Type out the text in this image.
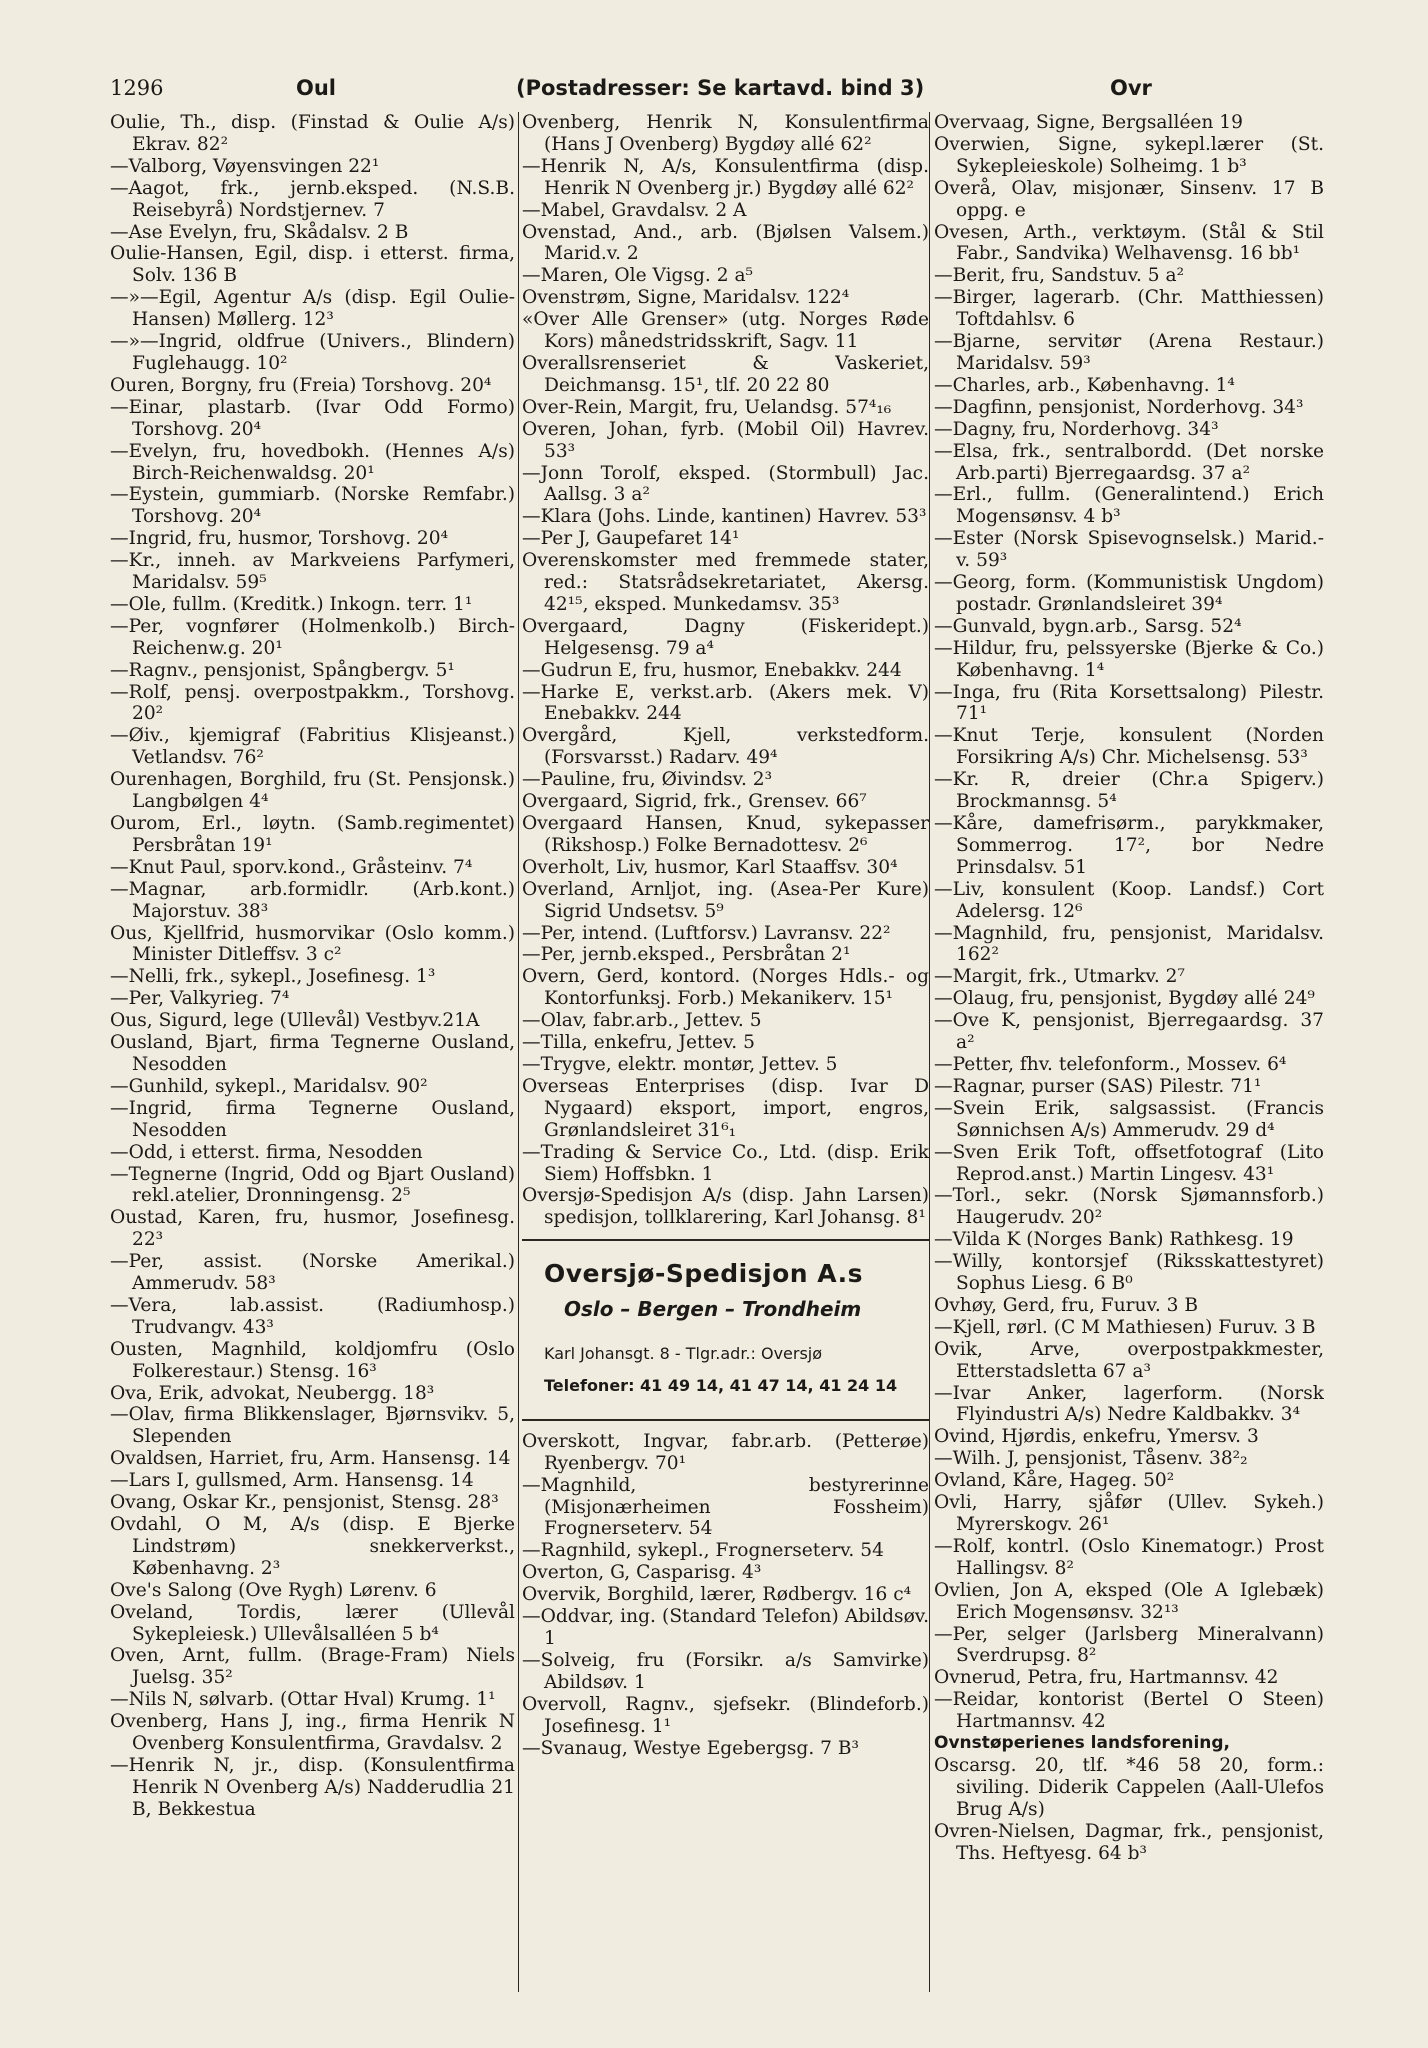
1296	Oul	(Postadresser: Se kartavd. bind 3)	Ovr
Oulie, Th., disp. (Finstad & Oulie A/s) Ekrav. 82²
—Valborg, Vøyensvingen 22¹
—Aagot, frk., jernb.eksped. (N.S.B. Reisebyrå) Nordstjernev. 7
—Ase Evelyn, fru, Skådalsv. 2 B
Oulie-Hansen, Egil, disp. i etterst. firma, Solv. 136 B
—»—Egil, Agentur A/s (disp. Egil Oulie-Hansen) Møllerg. 12³
—»—Ingrid, oldfrue (Univers., Blindern) Fuglehaugg. 10²
Ouren, Borgny, fru (Freia) Torshovg. 20⁴
—Einar, plastarb. (Ivar Odd Formo) Torshovg. 20⁴
—Evelyn, fru, hovedbokh. (Hennes A/s) Birch-Reichenwaldsg. 20¹
—Eystein, gummiarb. (Norske Remfabr.) Torshovg. 20⁴
—Ingrid, fru, husmor, Torshovg. 20⁴
—Kr., inneh. av Markveiens Parfymeri, Maridalsv. 59⁵
—Ole, fullm. (Kreditk.) Inkogn. terr. 1¹
—Per, vognfører (Holmenkolb.) Birch-Reichenw.g. 20¹
—Ragnv., pensjonist, Spångbergv. 5¹
—Rolf, pensj. overpostpakkm., Torshovg. 20²
—Øiv., kjemigraf (Fabritius Klisjeanst.) Vetlandsv. 76²
Ourenhagen, Borghild, fru (St. Pensjonsk.) Langbølgen 4⁴
Ourom, Erl., løytn. (Samb.regimentet) Persbråtan 19¹
—Knut Paul, sporv.kond., Gråsteinv. 7⁴
—Magnar, arb.formidlr. (Arb.kont.) Majorstuv. 38³
Ous, Kjellfrid, husmorvikar (Oslo komm.) Minister Ditleffsv. 3 c²
—Nelli, frk., sykepl., Josefinesg. 1³
—Per, Valkyrieg. 7⁴
Ous, Sigurd, lege (Ullevål) Vestbyv.21A
Ousland, Bjart, firma Tegnerne Ousland, Nesodden
—Gunhild, sykepl., Maridalsv. 90²
—Ingrid, firma Tegnerne Ousland, Nesodden
—Odd, i etterst. firma, Nesodden
—Tegnerne (Ingrid, Odd og Bjart Ousland) rekl.atelier, Dronningensg. 2⁵
Oustad, Karen, fru, husmor, Josefinesg. 22³
—Per, assist. (Norske Amerikal.) Ammerudv. 58³
—Vera, lab.assist. (Radiumhosp.) Trudvangv. 43³
Ousten, Magnhild, koldjomfru (Oslo Folkerestaur.) Stensg. 16³
Ova, Erik, advokat, Neubergg. 18³
—Olav, firma Blikkenslager, Bjørnsvikv. 5, Slependen
Ovaldsen, Harriet, fru, Arm. Hansensg. 14
—Lars I, gullsmed, Arm. Hansensg. 14
Ovang, Oskar Kr., pensjonist, Stensg. 28³
Ovdahl, O M, A/s (disp. E Bjerke Lindstrøm) snekkerverkst., Københavng. 2³
Ove's Salong (Ove Rygh) Lørenv. 6
Oveland, Tordis, lærer (Ullevål Sykepleiesk.) Ullevålsalléen 5 b⁴
Oven, Arnt, fullm. (Brage-Fram) Niels Juelsg. 35²
—Nils N, sølvarb. (Ottar Hval) Krumg. 1¹
Ovenberg, Hans J, ing., firma Henrik N Ovenberg Konsulentfirma, Gravdalsv. 2
—Henrik N, jr., disp. (Konsulentfirma Henrik N Ovenberg A/s) Nadderudlia 21 B, Bekkestua
Ovenberg, Henrik N, Konsulentfirma (Hans J Ovenberg) Bygdøy allé 62²
—Henrik N, A/s, Konsulentfirma (disp. Henrik N Ovenberg jr.) Bygdøy allé 62²
—Mabel, Gravdalsv. 2 A
Ovenstad, And., arb. (Bjølsen Valsem.) Marid.v. 2
—Maren, Ole Vigsg. 2 a⁵
Ovenstrøm, Signe, Maridalsv. 122⁴
«Over Alle Grenser» (utg. Norges Røde Kors) månedstridsskrift, Sagv. 11
Overallsrenseriet & Vaskeriet, Deichmansg. 15¹, tlf. 20 22 80
Over-Rein, Margit, fru, Uelandsg. 57⁴₁₆
Overen, Johan, fyrb. (Mobil Oil) Havrev. 53³
—Jonn Torolf, eksped. (Stormbull) Jac. Aallsg. 3 a²
—Klara (Johs. Linde, kantinen) Havrev. 53³
—Per J, Gaupefaret 14¹
Overenskomster med fremmede stater, red.: Statsrådsekretariatet, Akersg. 42¹⁵, eksped. Munkedamsv. 35³
Overgaard, Dagny (Fiskeridept.) Helgesensg. 79 a⁴
—Gudrun E, fru, husmor, Enebakkv. 244
—Harke E, verkst.arb. (Akers mek. V) Enebakkv. 244
Overgård, Kjell, verkstedform. (Forsvarsst.) Radarv. 49⁴
—Pauline, fru, Øivindsv. 2³
Overgaard, Sigrid, frk., Grensev. 66⁷
Overgaard Hansen, Knud, sykepasser (Rikshosp.) Folke Bernadottesv. 2⁶
Overholt, Liv, husmor, Karl Staaffsv. 30⁴
Overland, Arnljot, ing. (Asea-Per Kure) Sigrid Undsetsv. 5⁹
—Per, intend. (Luftforsv.) Lavransv. 22²
—Per, jernb.eksped., Persbråtan 2¹
Overn, Gerd, kontord. (Norges Hdls.- og Kontorfunksj. Forb.) Mekanikerv. 15¹
—Olav, fabr.arb., Jettev. 5
—Tilla, enkefru, Jettev. 5
—Trygve, elektr. montør, Jettev. 5
Overseas Enterprises (disp. Ivar D Nygaard) eksport, import, engros, Grønlandsleiret 31⁶₁
—Trading & Service Co., Ltd. (disp. Erik Siem) Hoffsbkn. 1
Oversjø-Spedisjon A/s (disp. Jahn Larsen) spedisjon, tollklarering, Karl Johansg. 8¹
Oversjø-Spedisjon A.s
Oslo – Bergen – Trondheim
Karl Johansgt. 8 - Tlgr.adr.: Oversjø
Telefoner: 41 49 14, 41 47 14, 41 24 14
Overskott, Ingvar, fabr.arb. (Petterøe) Ryenbergv. 70¹
—Magnhild, bestyrerinne (Misjonærheimen Fossheim) Frognerseterv. 54
—Ragnhild, sykepl., Frognerseterv. 54
Overton, G, Casparisg. 4³
Overvik, Borghild, lærer, Rødbergv. 16 c⁴
—Oddvar, ing. (Standard Telefon) Abildsøv. 1
—Solveig, fru (Forsikr. a/s Samvirke) Abildsøv. 1
Overvoll, Ragnv., sjefsekr. (Blindeforb.) Josefinesg. 1¹
—Svanaug, Westye Egebergsg. 7 B³
Overvaag, Signe, Bergsalléen 19
Overwien, Signe, sykepl.lærer (St. Sykepleieskole) Solheimg. 1 b³
Overå, Olav, misjonær, Sinsenv. 17 B oppg. e
Ovesen, Arth., verktøym. (Stål & Stil Fabr., Sandvika) Welhavensg. 16 bb¹
—Berit, fru, Sandstuv. 5 a²
—Birger, lagerarb. (Chr. Matthiessen) Toftdahlsv. 6
—Bjarne, servitør (Arena Restaur.) Maridalsv. 59³
—Charles, arb., Københavng. 1⁴
—Dagfinn, pensjonist, Norderhovg. 34³
—Dagny, fru, Norderhovg. 34³
—Elsa, frk., sentralbordd. (Det norske Arb.parti) Bjerregaardsg. 37 a²
—Erl., fullm. (Generalintend.) Erich Mogensønsv. 4 b³
—Ester (Norsk Spisevognselsk.) Marid.-v. 59³
—Georg, form. (Kommunistisk Ungdom) postadr. Grønlandsleiret 39⁴
—Gunvald, bygn.arb., Sarsg. 52⁴
—Hildur, fru, pelssyerske (Bjerke & Co.) Københavng. 1⁴
—Inga, fru (Rita Korsettsalong) Pilestr. 71¹
—Knut Terje, konsulent (Norden Forsikring A/s) Chr. Michelsensg. 53³
—Kr. R, dreier (Chr.a Spigerv.) Brockmannsg. 5⁴
—Kåre, damefrisørm., parykkmaker, Sommerrog. 17², bor Nedre Prinsdalsv. 51
—Liv, konsulent (Koop. Landsf.) Cort Adelersg. 12⁶
—Magnhild, fru, pensjonist, Maridalsv. 162²
—Margit, frk., Utmarkv. 2⁷
—Olaug, fru, pensjonist, Bygdøy allé 24⁹
—Ove K, pensjonist, Bjerregaardsg. 37 a²
—Petter, fhv. telefonform., Mossev. 6⁴
—Ragnar, purser (SAS) Pilestr. 71¹
—Svein Erik, salgsassist. (Francis Sønnichsen A/s) Ammerudv. 29 d⁴
—Sven Erik Toft, offsetfotograf (Lito Reprod.anst.) Martin Lingesv. 43¹
—Torl., sekr. (Norsk Sjømannsforb.) Haugerudv. 20²
—Vilda K (Norges Bank) Rathkesg. 19
—Willy, kontorsjef (Riksskattestyret) Sophus Liesg. 6 B⁰
Ovhøy, Gerd, fru, Furuv. 3 B
—Kjell, rørl. (C M Mathiesen) Furuv. 3 B
Ovik, Arve, overpostpakkmester, Etterstadsletta 67 a³
—Ivar Anker, lagerform. (Norsk Flyindustri A/s) Nedre Kaldbakkv. 3⁴
Ovind, Hjørdis, enkefru, Ymersv. 3
—Wilh. J, pensjonist, Tåsenv. 38²₂
Ovland, Kåre, Hageg. 50²
Ovli, Harry, sjåfør (Ullev. Sykeh.) Myrerskogv. 26¹
—Rolf, kontrl. (Oslo Kinematogr.) Prost Hallingsv. 8²
Ovlien, Jon A, eksped (Ole A Iglebæk) Erich Mogensønsv. 32¹³
—Per, selger (Jarlsberg Mineralvann) Sverdrupsg. 8²
Ovnerud, Petra, fru, Hartmannsv. 42
—Reidar, kontorist (Bertel O Steen) Hartmannsv. 42
Ovnstøperienes landsforening,
Oscarsg. 20, tlf. *46 58 20, form.: siviling. Diderik Cappelen (Aall-Ulefos Brug A/s)
Ovren-Nielsen, Dagmar, frk., pensjonist, Ths. Heftyesg. 64 b³
